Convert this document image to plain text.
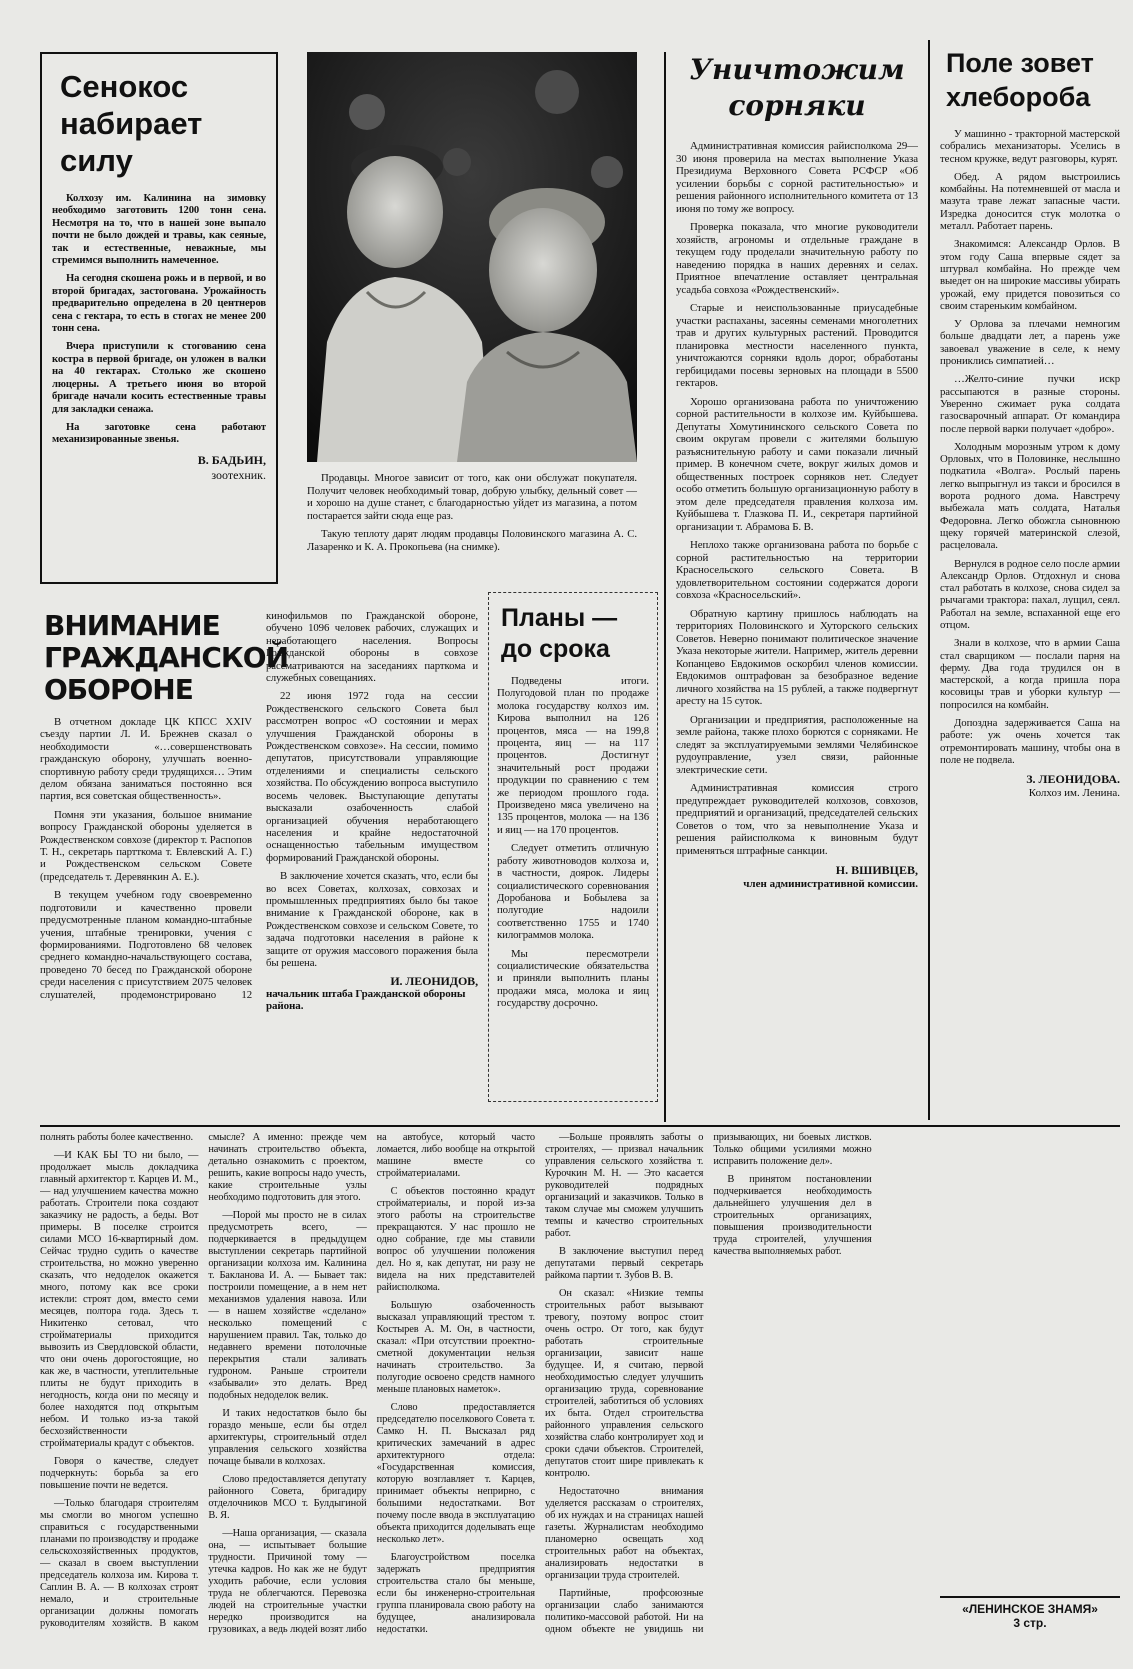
Сенокос набирает силу

Колхозу им. Калинина на зимовку необходимо заготовить 1200 тонн сена. Несмотря на то, что в нашей зоне выпало почти не было дождей и травы, как сеяные, так и естественные, неважные, мы стремимся выполнить намеченное.

На сегодня скошена рожь и в первой, и во второй бригадах, застогована. Урожайность предварительно определена в 20 центнеров сена с гектара, то есть в стогах не менее 200 тонн сена.

Вчера приступили к стогованию сена костра в первой бригаде, он уложен в валки на 40 гектарах. Столько же скошено люцерны. А третьего июня во второй бригаде начали косить естественные травы для закладки сенажа.

На заготовке сена работают механизированные звенья.

В. БАДЬИН,
зоотехник.	Продавцы. Многое зависит от того, как они обслужат покупателя. Получит человек необходимый товар, добрую улыбку, дельный совет — и хорошо на душе станет, с благодарностью уйдет из магазина, а потом постарается зайти сюда еще раз.

Такую теплоту дарят людям продавцы Половинского магазина А. С. Лазаренко и К. А. Прокопьева (на снимке).

Уничтожим сорняки

Административная комиссия райисполкома 29—30 июня проверила на местах выполнение Указа Президиума Верховного Совета РСФСР «Об усилении борьбы с сорной растительностью» и решения районного исполнительного комитета от 13 июня по тому же вопросу.

Проверка показала, что многие руководители хозяйств, агрономы и отдельные граждане в текущем году проделали значительную работу по наведению порядка в наших деревнях и селах. Приятное впечатление оставляет центральная усадьба совхоза «Рождественский».

Старые и неиспользованные приусадебные участки распаханы, засеяны семенами многолетних трав и других культурных растений. Проводится планировка местности населенного пункта, уничтожаются сорняки вдоль дорог, обработаны гербицидами посевы зерновых на площади в 5500 гектаров.

Хорошо организована работа по уничтожению сорной растительности в колхозе им. Куйбышева. Депутаты Хомутининского сельского Совета по своим округам провели с жителями большую разъяснительную работу и сами показали личный пример. В конечном счете, вокруг жилых домов и общественных построек сорняков нет. Следует особо отметить большую организационную работу в этом деле председателя правления колхоза им. Куйбышева т. Глазкова П. И., секретаря партийной организации т. Абрамова Б. В.

Неплохо также организована работа по борьбе с сорной растительностью на территории Красносельского сельского Совета. В удовлетворительном состоянии содержатся дороги совхоза «Красносельский».

Обратную картину пришлось наблюдать на территориях Половинского и Хуторского сельских Советов. Неверно понимают политическое значение Указа некоторые жители. Например, житель деревни Копанцево Евдокимов оскорбил членов комиссии. Евдокимов оштрафован за безобразное ведение личного хозяйства на 15 рублей, а также подвергнут аресту на 15 суток.

Организации и предприятия, расположенные на земле района, также плохо борются с сорняками. Не следят за эксплуатируемыми землями Челябинское рудоуправление, узел связи, районные электрические сети.

Административная комиссия строго предупреждает руководителей колхозов, совхозов, предприятий и организаций, председателей сельских Советов о том, что за невыполнение Указа и решения райисполкома к виновным будут применяться штрафные санкции.

Н. ВШИВЦЕВ,
член административной комиссии.
Поле зовет хлебороба

У машинно - тракторной мастерской собрались механизаторы. Уселись в тесном кружке, ведут разговоры, курят.

Обед. А рядом выстроились комбайны. На потемневшей от масла и мазута траве лежат запасные части. Изредка доносится стук молотка о металл. Работает парень.

Знакомимся: Александр Орлов. В этом году Саша впервые сядет за штурвал комбайна. Но прежде чем выедет он на широкие массивы убирать урожай, ему придется повозиться со своим стареньким комбайном.

У Орлова за плечами немногим больше двадцати лет, а парень уже завоевал уважение в селе, к нему прониклись симпатией…

…Желто-синие пучки искр рассыпаются в разные стороны. Уверенно сжимает рука солдата газосварочный аппарат. От командира после первой варки получает «добро».

Холодным морозным утром к дому Орловых, что в Половинке, неслышно подкатила «Волга». Рослый парень легко выпрыгнул из такси и бросился в ворота родного дома. Навстречу выбежала мать солдата, Наталья Федоровна. Легко обожгла сыновнюю щеку горячей материнской слезой, расцеловала.

Вернулся в родное село после армии Александр Орлов. Отдохнул и снова стал работать в колхозе, снова сидел за рычагами трактора: пахал, лущил, сеял. Работал на земле, вспаханной еще его отцом.

Знали в колхозе, что в армии Саша стал сварщиком — послали парня на ферму. Два года трудился он в мастерской, а когда пришла пора косовицы трав и уборки культур — попросился на комбайн.

Допоздна задерживается Саша на работе: уж очень хочется так отремонтировать машину, чтобы она в поле не подвела.

З. ЛЕОНИДОВА.
Колхоз им. Ленина.
ВНИМАНИЕ ГРАЖДАНСКОЙ ОБОРОНЕ

В отчетном докладе ЦК КПСС XXIV съезду партии Л. И. Брежнев сказал о необходимости «…совершенствовать гражданскую оборону, улучшать военно-спортивную работу среди трудящихся… Этим делом обязана заниматься постоянно вся партия, вся советская общественность».

Помня эти указания, большое внимание вопросу Гражданской обороны уделяется в Рождественском совхозе (директор т. Распопов Т. Н., секретарь партткома т. Евлевский А. Г.) и Рождественском сельском Совете (председатель т. Деревянкин А. Е.).

В текущем учебном году своевременно подготовили и качественно провели предусмотренные планом командно-штабные учения, штабные тренировки, учения с формированиями. Подготовлено 68 человек среднего командно-начальствующего состава, проведено 70 бесед по Гражданской обороне среди населения с присутствием 2075 человек слушателей, продемонстрировано 12 кинофильмов по Гражданской обороне, обучено 1096 человек рабочих, служащих и неработающего населения. Вопросы Гражданской обороны в совхозе рассматриваются на заседаниях парткома и служебных совещаниях.

22 июня 1972 года на сессии Рождественского сельского Совета был рассмотрен вопрос «О состоянии и мерах улучшения Гражданской обороны в Рождественском совхозе». На сессии, помимо депутатов, присутствовали управляющие отделениями и специалисты сельского хозяйства. По обсуждению вопроса выступило восемь человек. Выступающие депутаты высказали озабоченность слабой организацией обучения неработающего населения и крайне недостаточной оснащенностью табельным имуществом формирований Гражданской обороны.

В заключение хочется сказать, что, если бы во всех Советах, колхозах, совхозах и промышленных предприятиях было бы такое внимание к Гражданской обороне, как в Рождественском совхозе и сельском Совете, то задача подготовки населения в районе к защите от оружия массового поражения была бы решена.

И. ЛЕОНИДОВ,
начальник штаба Гражданской обороны района.
Планы — до срока

Подведены итоги. Полугодовой план по продаже молока государству колхоз им. Кирова выполнил на 126 процентов, мяса — на 199,8 процента, яиц — на 117 процентов. Достигнут значительный рост продажи продукции по сравнению с тем же периодом прошлого года. Произведено мяса увеличено на 135 процентов, молока — на 136 и яиц — на 170 процентов.

Следует отметить отличную работу животноводов колхоза и, в частности, доярок. Лидеры социалистического соревнования Доробанова и Бобылева за полугодие надоили соответственно 1755 и 1740 килограммов молока.

Мы пересмотрели социалистические обязательства и приняли выполнить планы продажи мяса, молока и яиц государству досрочно.

полнять работы более качественно.

—И КАК БЫ ТО ни было, — продолжает мысль докладчика главный архитектор т. Карцев И. М., — над улучшением качества можно работать. Строители пока создают заказчику не радость, а беды. Вот примеры. В поселке строится силами МСО 16-квартирный дом. Сейчас трудно судить о качестве строительства, но можно уверенно сказать, что недоделок окажется много, потому как все сроки истекли: строят дом, вместо семи месяцев, полтора года. Здесь т. Никитенко сетовал, что стройматериалы приходится вывозить из Свердловской области, что они очень дорогостоящие, но как же, в частности, утеплительные плиты не будут приходить в негодность, когда они по месяцу и более находятся под открытым небом. И только из-за такой бесхозяйственности стройматериалы крадут с объектов.

Говоря о качестве, следует подчеркнуть: борьба за его повышение почти не ведется.

—Только благодаря строителям мы смогли во многом успешно справиться с государственными планами по производству и продаже сельскохозяйственных продуктов, — сказал в своем выступлении председатель колхоза им. Кирова т. Саплин В. А. — В колхозах строят немало, и строительные организации должны помогать руководителям хозяйств. В каком смысле? А именно: прежде чем начинать строительство объекта, детально ознакомить с проектом, решить, какие вопросы надо учесть, какие строительные узлы необходимо подготовить для этого.

—Порой мы просто не в силах предусмотреть всего, — подчеркивается в предыдущем выступлении секретарь партийной организации колхоза им. Калинина т. Бакланова И. А. — Бывает так: построили помещение, а в нем нет механизмов удаления навоза. Или — в нашем хозяйстве «сделано» несколько помещений с нарушением правил. Так, только до недавнего времени потолочные перекрытия стали заливать гудроном. Раньше строители «забывали» это делать. Вред подобных недоделок велик.

И таких недостатков было бы гораздо меньше, если бы отдел архитектуры, строительный отдел управления сельского хозяйства почаще бывали в колхозах.

Слово предоставляется депутату районного Совета, бригадиру отделочников МСО т. Булдыгиной В. Я.

—Наша организация, — сказала она, — испытывает большие трудности. Причиной тому — утечка кадров. Но как же не будут уходить рабочие, если условия труда не облегчаются. Перевозка людей на строительные участки нередко производится на грузовиках, а ведь людей возят либо на автобусе, который часто ломается, либо вообще на открытой машине вместе со стройматериалами.

С объектов постоянно крадут стройматериалы, и порой из-за этого работы на строительстве прекращаются. У нас прошло не одно собрание, где мы ставили вопрос об улучшении положения дел. Но я, как депутат, ни разу не видела на них представителей райисполкома.

Большую озабоченность высказал управляющий трестом т. Костырев А. М. Он, в частности, сказал: «При отсутствии проектно-сметной документации нельзя начинать строительство. За полугодие освоено средств намного меньше плановых наметок».

Слово предоставляется председателю поселкового Совета т. Самко Н. П. Высказал ряд критических замечаний в адрес архитектурного отдела: «Государственная комиссия, которую возглавляет т. Карцев, принимает объекты неприрно, с большими недостатками. Вот почему после ввода в эксплуатацию объекта приходится доделывать еще несколько лет».

Благоустройством поселка задержать предприятия строительства стало бы меньше, если бы инженерно-строительная группа планировала свою работу на будущее, анализировала недостатки.

—Больше проявлять заботы о строителях, — призвал начальник управления сельского хозяйства т. Курочкин М. Н. — Это касается руководителей подрядных организаций и заказчиков. Только в таком случае мы сможем улучшить темпы и качество строительных работ.

В заключение выступил перед депутатами первый секретарь райкома партии т. Зубов В. В.

Он сказал: «Низкие темпы строительных работ вызывают тревогу, поэтому вопрос стоит очень остро. От того, как будут работать строительные организации, зависит наше будущее. И, я считаю, первой необходимостью следует улучшить организацию труда, соревнование строителей, заботиться об условиях их быта. Отдел строительства районного управления сельского хозяйства слабо контролирует ход и сроки сдачи объектов. Строителей, депутатов стоит шире привлекать к контролю.

Недостаточно внимания уделяется рассказам о строителях, об их нуждах и на страницах нашей газеты. Журналистам необходимо планомерно освещать ход строительных работ на объектах, анализировать недостатки в организации труда строителей.

Партийные, профсоюзные организации слабо занимаются политико-массовой работой. Ни на одном объекте не увидишь ни призывающих, ни боевых листков. Только общими усилиями можно исправить положение дел».

В принятом постановлении подчеркивается необходимость дальнейшего улучшения дел в строительных организациях, повышения производительности труда строителей, улучшения качества выполняемых работ.

«ЛЕНИНСКОЕ ЗНАМЯ»
3 стр.
